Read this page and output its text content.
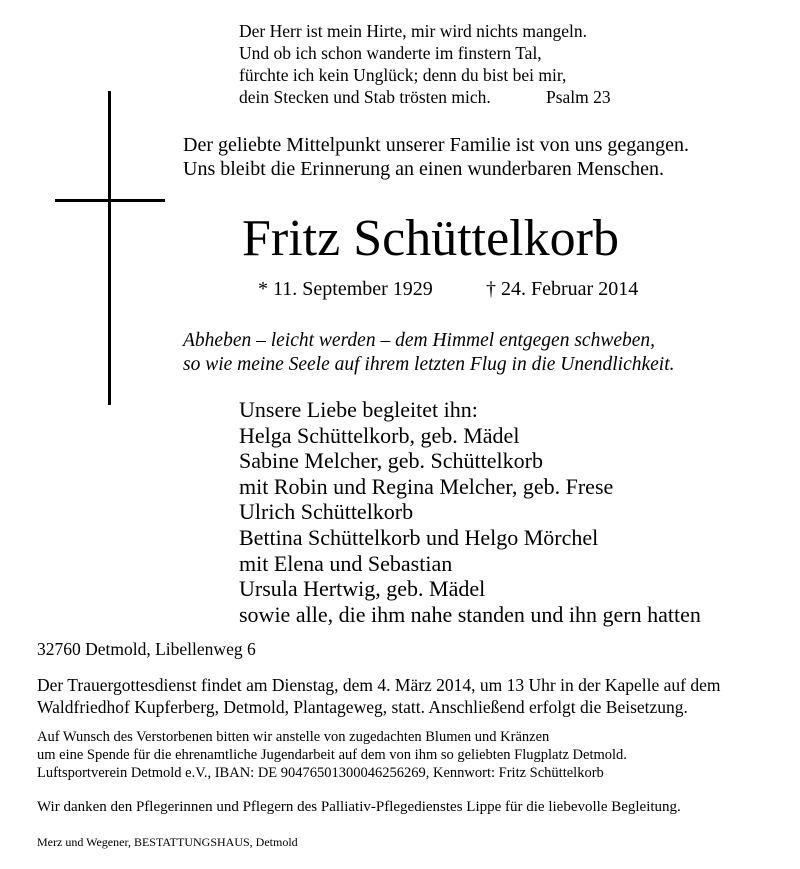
Der Herr ist mein Hirte, mir wird nichts mangeln.
Und ob ich schon wanderte im finstern Tal,
fürchte ich kein Unglück; denn du bist bei mir,
dein Stecken und Stab trösten mich.	Psalm 23
Der geliebte Mittelpunkt unserer Familie ist von uns gegangen.
Uns bleibt die Erinnerung an einen wunderbaren Menschen.
Fritz Schüttelkorb
* 11. September 1929	† 24. Februar 2014
Abheben – leicht werden – dem Himmel entgegen schweben,
so wie meine Seele auf ihrem letzten Flug in die Unendlichkeit.
Unsere Liebe begleitet ihn:
Helga Schüttelkorb, geb. Mädel
Sabine Melcher, geb. Schüttelkorb
mit Robin und Regina Melcher, geb. Frese
Ulrich Schüttelkorb
Bettina Schüttelkorb und Helgo Mörchel
mit Elena und Sebastian
Ursula Hertwig, geb. Mädel
sowie alle, die ihm nahe standen und ihn gern hatten
32760 Detmold, Libellenweg 6
Der Trauergottesdienst findet am Dienstag, dem 4. März 2014, um 13 Uhr in der Kapelle auf dem
Waldfriedhof Kupferberg, Detmold, Plantageweg, statt. Anschließend erfolgt die Beisetzung.
Auf Wunsch des Verstorbenen bitten wir anstelle von zugedachten Blumen und Kränzen
um eine Spende für die ehrenamtliche Jugendarbeit auf dem von ihm so geliebten Flugplatz Detmold.
Luftsportverein Detmold e.V., IBAN: DE 90476501300046256269, Kennwort: Fritz Schüttelkorb
Wir danken den Pflegerinnen und Pflegern des Palliativ-Pflegedienstes Lippe für die liebevolle Begleitung.
Merz und Wegener, BESTATTUNGSHAUS, Detmold
